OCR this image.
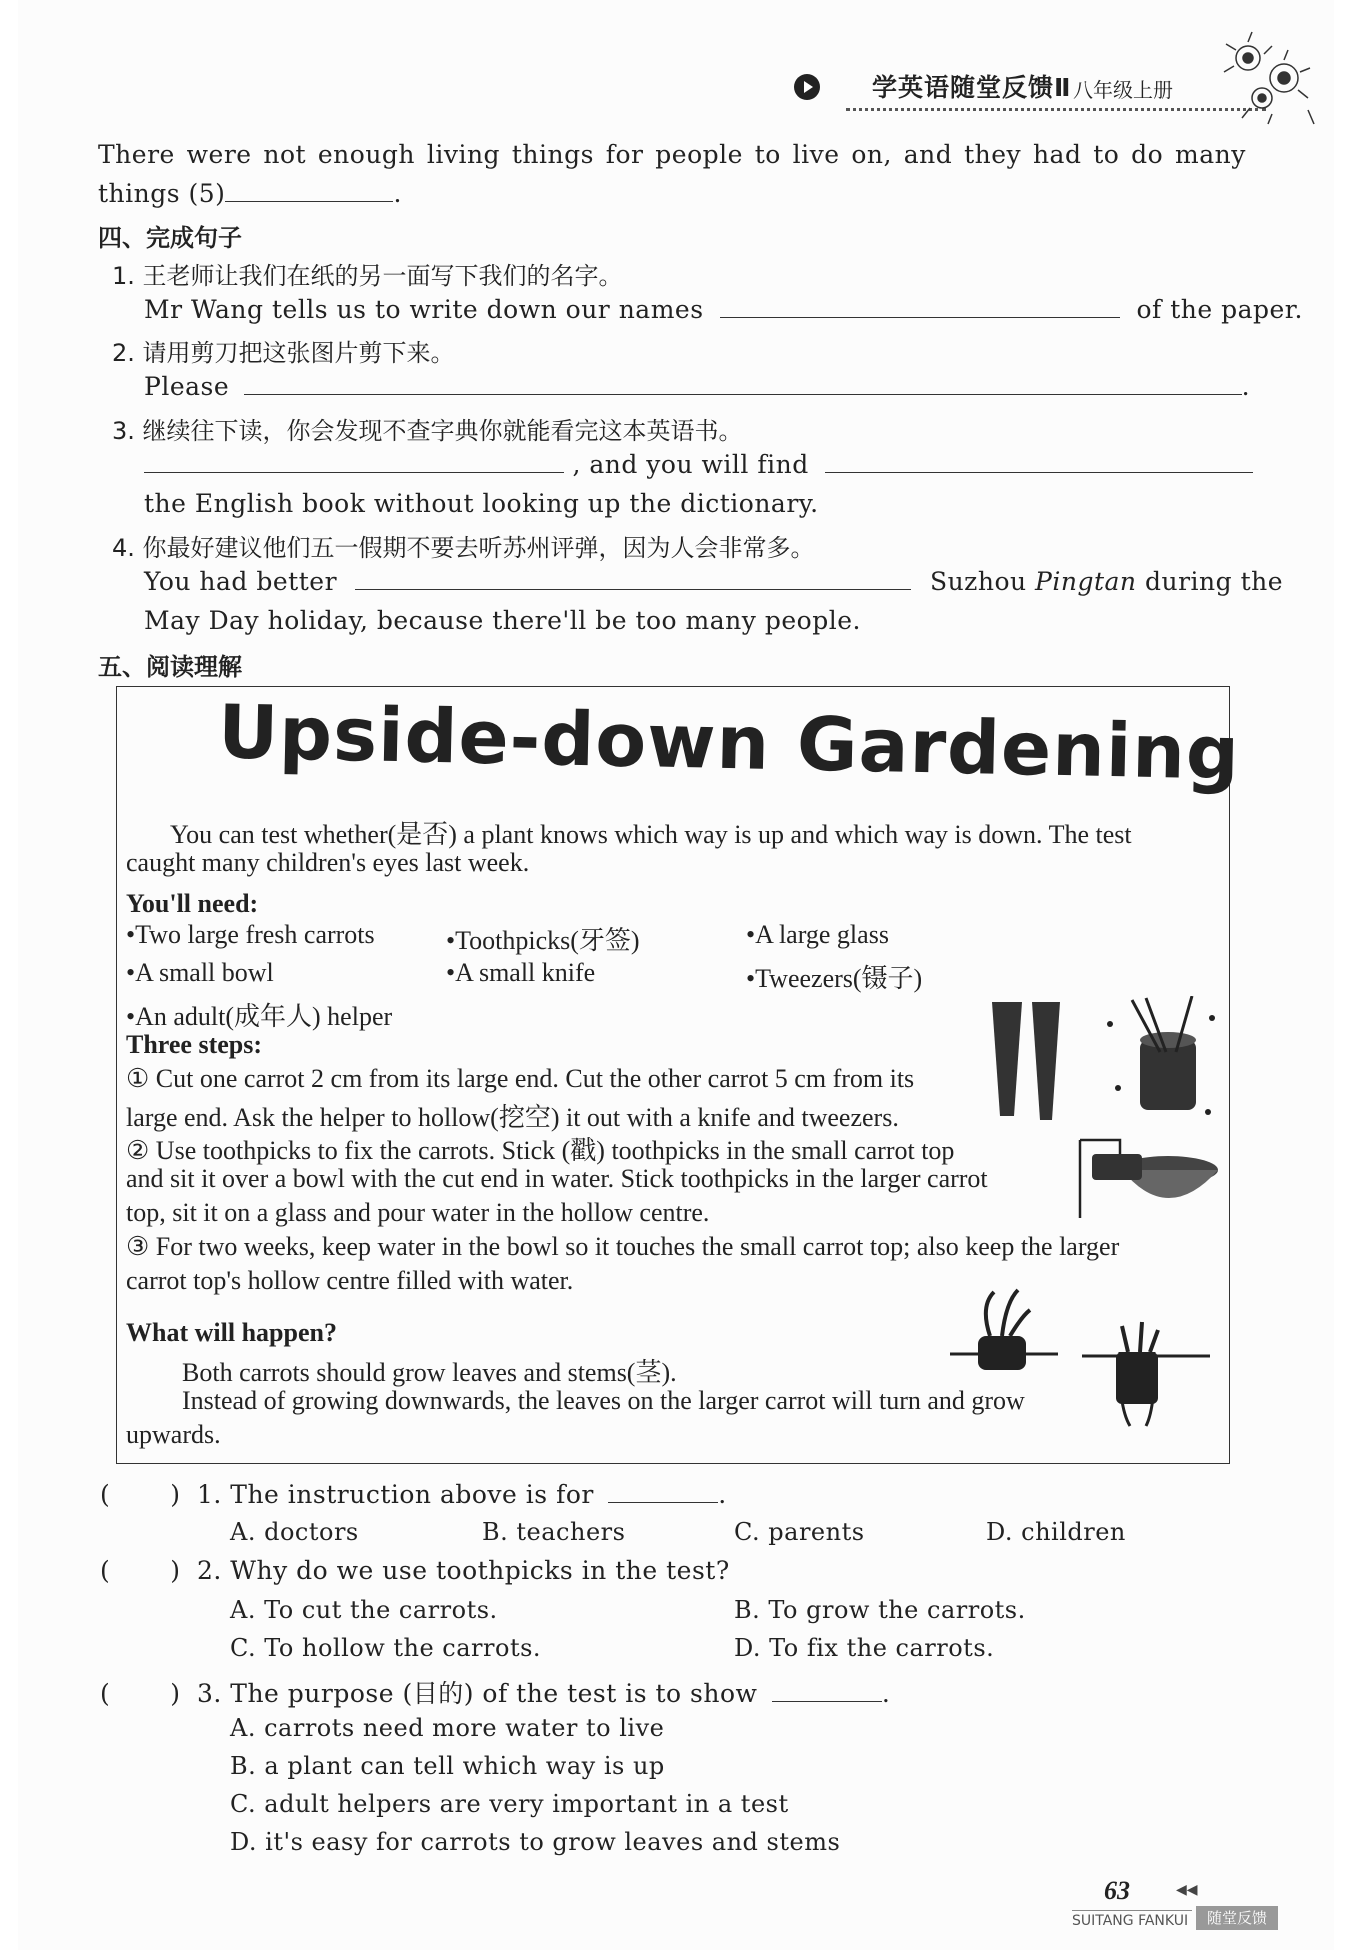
学英语随堂反馈Ⅱ 八年级上册
There were not enough living things for people to live on, and they had to do many
things (5)	.
四、完成句子
1. 王老师让我们在纸的另一面写下我们的名字。
Mr Wang tells us to write down our names	of the paper.
2. 请用剪刀把这张图片剪下来。
Please	.
3. 继续往下读，你会发现不查字典你就能看完这本英语书。
, and you will find
the English book without looking up the dictionary.
4. 你最好建议他们五一假期不要去听苏州评弹，因为人会非常多。
You had better	Suzhou Pingtan during the
May Day holiday, because there'll be too many people.
五、阅读理解
Upside-down Gardening
You can test whether(是否) a plant knows which way is up and which way is down. The test
caught many children's eyes last week.
You'll need:
•Two large fresh carrots	•Toothpicks(牙签)	•A large glass
•A small bowl	•A small knife	•Tweezers(镊子)
•An adult(成年人) helper
Three steps:
① Cut one carrot 2 cm from its large end. Cut the other carrot 5 cm from its
large end. Ask the helper to hollow(挖空) it out with a knife and tweezers.
② Use toothpicks to fix the carrots. Stick (戳) toothpicks in the small carrot top
and sit it over a bowl with the cut end in water. Stick toothpicks in the larger carrot
top, sit it on a glass and pour water in the hollow centre.
③ For two weeks, keep water in the bowl so it touches the small carrot top; also keep the larger
carrot top's hollow centre filled with water.
What will happen?
Both carrots should grow leaves and stems(茎).
Instead of growing downwards, the leaves on the larger carrot will turn and grow
upwards.
( ) 1. The instruction above is for	.
A. doctors	B. teachers	C. parents	D. children
( ) 2. Why do we use toothpicks in the test?
A. To cut the carrots.	B. To grow the carrots.
C. To hollow the carrots.	D. To fix the carrots.
( ) 3. The purpose (目的) of the test is to show	.
A. carrots need more water to live
B. a plant can tell which way is up
C. adult helpers are very important in a test
D. it's easy for carrots to grow leaves and stems
63	◀◀
SUITANG FANKUI	随堂反馈
